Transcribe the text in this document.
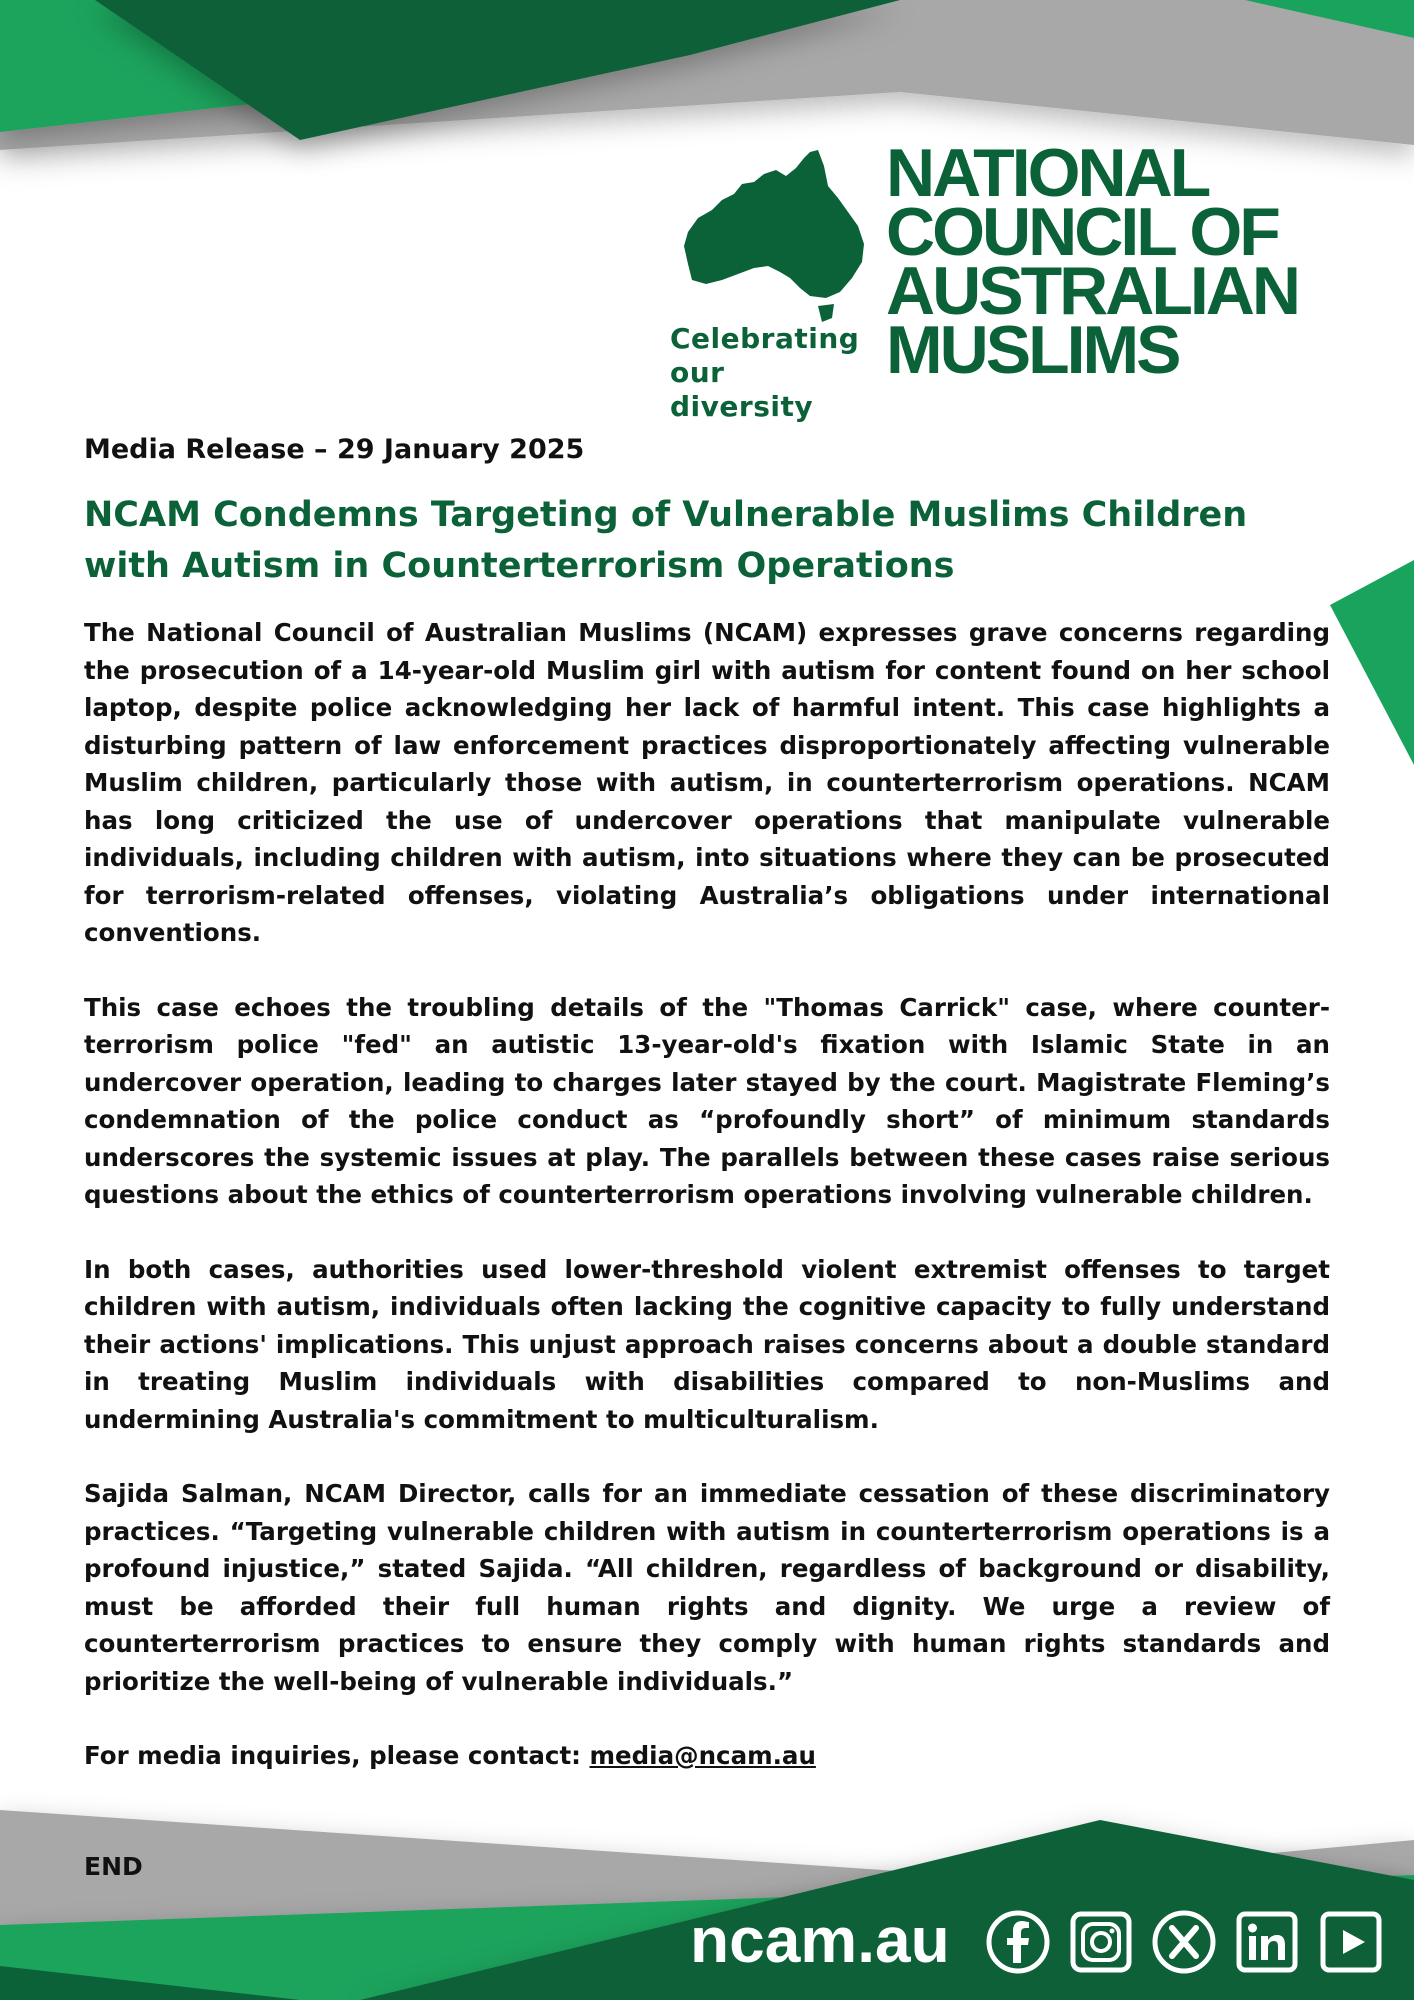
Celebrating
our diversity
NATIONAL
COUNCIL OF
AUSTRALIAN
MUSLIMS

Media Release – 29 January 2025

NCAM Condemns Targeting of Vulnerable Muslims Children with Autism in Counterterrorism Operations

The National Council of Australian Muslims (NCAM) expresses grave concerns regarding the prosecution of a 14-year-old Muslim girl with autism for content found on her school laptop, despite police acknowledging her lack of harmful intent. This case highlights a disturbing pattern of law enforcement practices disproportionately affecting vulnerable Muslim children, particularly those with autism, in counterterrorism operations. NCAM has long criticized the use of undercover operations that manipulate vulnerable individuals, including children with autism, into situations where they can be prosecuted for terrorism-related offenses, violating Australia’s obligations under international conventions.

This case echoes the troubling details of the "Thomas Carrick" case, where counter-terrorism police "fed" an autistic 13-year-old's fixation with Islamic State in an undercover operation, leading to charges later stayed by the court. Magistrate Fleming’s condemnation of the police conduct as “profoundly short” of minimum standards underscores the systemic issues at play. The parallels between these cases raise serious questions about the ethics of counterterrorism operations involving vulnerable children.

In both cases, authorities used lower-threshold violent extremist offenses to target children with autism, individuals often lacking the cognitive capacity to fully understand their actions' implications. This unjust approach raises concerns about a double standard in treating Muslim individuals with disabilities compared to non-Muslims and undermining Australia's commitment to multiculturalism.

Sajida Salman, NCAM Director, calls for an immediate cessation of these discriminatory practices. “Targeting vulnerable children with autism in counterterrorism operations is a profound injustice,” stated Sajida. “All children, regardless of background or disability, must be afforded their full human rights and dignity. We urge a review of counterterrorism practices to ensure they comply with human rights standards and prioritize the well-being of vulnerable individuals.”

For media inquiries, please contact: media@ncam.au

END
ncam.au
